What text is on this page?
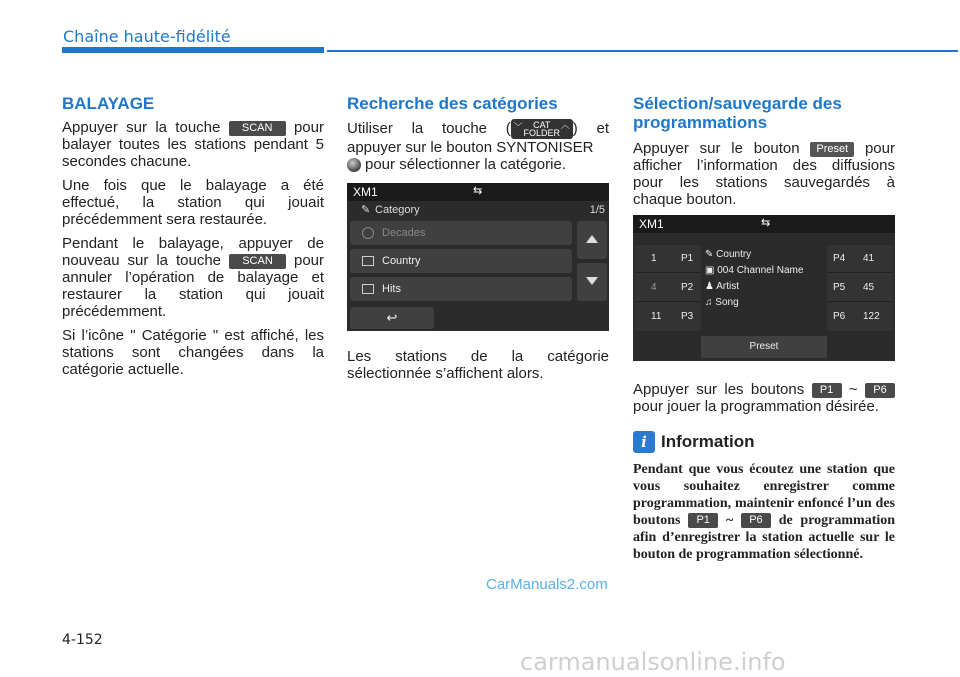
Chaîne haute-fidélité
BALAYAGE

Appuyer sur la touche SCAN pour balayer toutes les stations pendant 5 secondes chacune.

Une fois que le balayage a été effectué, la station qui jouait précédemment sera restaurée.

Pendant le balayage, appuyer de nouveau sur la touche SCAN pour annuler l’opération de balayage et restaurer la station qui jouait précédemment.

Si l’icône " Catégorie " est affiché, les stations sont changées dans la catégorie actuelle.

Recherche des catégories

Utiliser la touche (	CAT
FOLDER
﹀	︿ ) et appuyer sur le bouton SYNTONISER
pour sélectionner la catégorie.

XM1	⇆
✎ Category	1/5
Decades
Country
Hits
↩

Les stations de la catégorie sélectionnée s’affichent alors.

Sélection/sauvegarde des programmations

Appuyer sur le bouton Preset pour afficher l’information des diffusions pour les stations sauvegardés à chaque bouton.

XM1	⇆
1 P1
4 P2
11 P3
✎ Country
▣ 004 Channel Name
♟ Artist
♫ Song
P4 41
P5 45
P6 122
Preset

Appuyer sur les boutons P1 ~ P6 pour jouer la programmation désirée.

i Information
Pendant que vous écoutez une station que vous souhaitez enregistrer comme programmation, maintenir enfoncé l’un des boutons P1 ~ P6 de programmation afin d’enregistrer la station actuelle sur le bouton de programmation sélectionné.
CarManuals2.com
4-152
carmanualsonline.info
